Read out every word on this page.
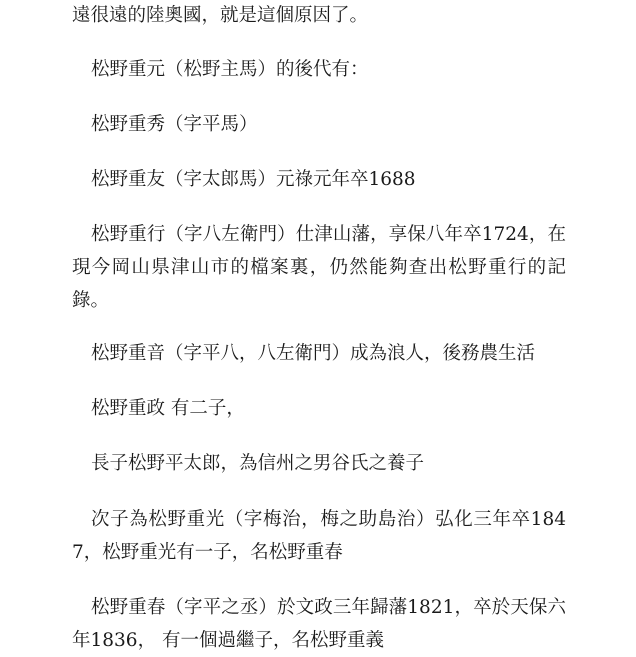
遠很遠的陸奧國，就是這個原因了。

松野重元（松野主馬）的後代有：

松野重秀（字平馬）

松野重友（字太郎馬）元祿元年卒1688

松野重行（字八左衛門）仕津山藩，享保八年卒1724，在現今岡山県津山市的檔案裏，仍然能夠查出松野重行的記錄。

松野重音（字平八，八左衛門）成為浪人，後務農生活

松野重政 有二子，

長子松野平太郎，為信州之男谷氏之養子

次子為松野重光（字梅治，梅之助島治）弘化三年卒1847，松野重光有一子，名松野重春

松野重春（字平之丞）於文政三年歸藩1821，卒於天保六年1836， 有一個過繼子，名松野重義
